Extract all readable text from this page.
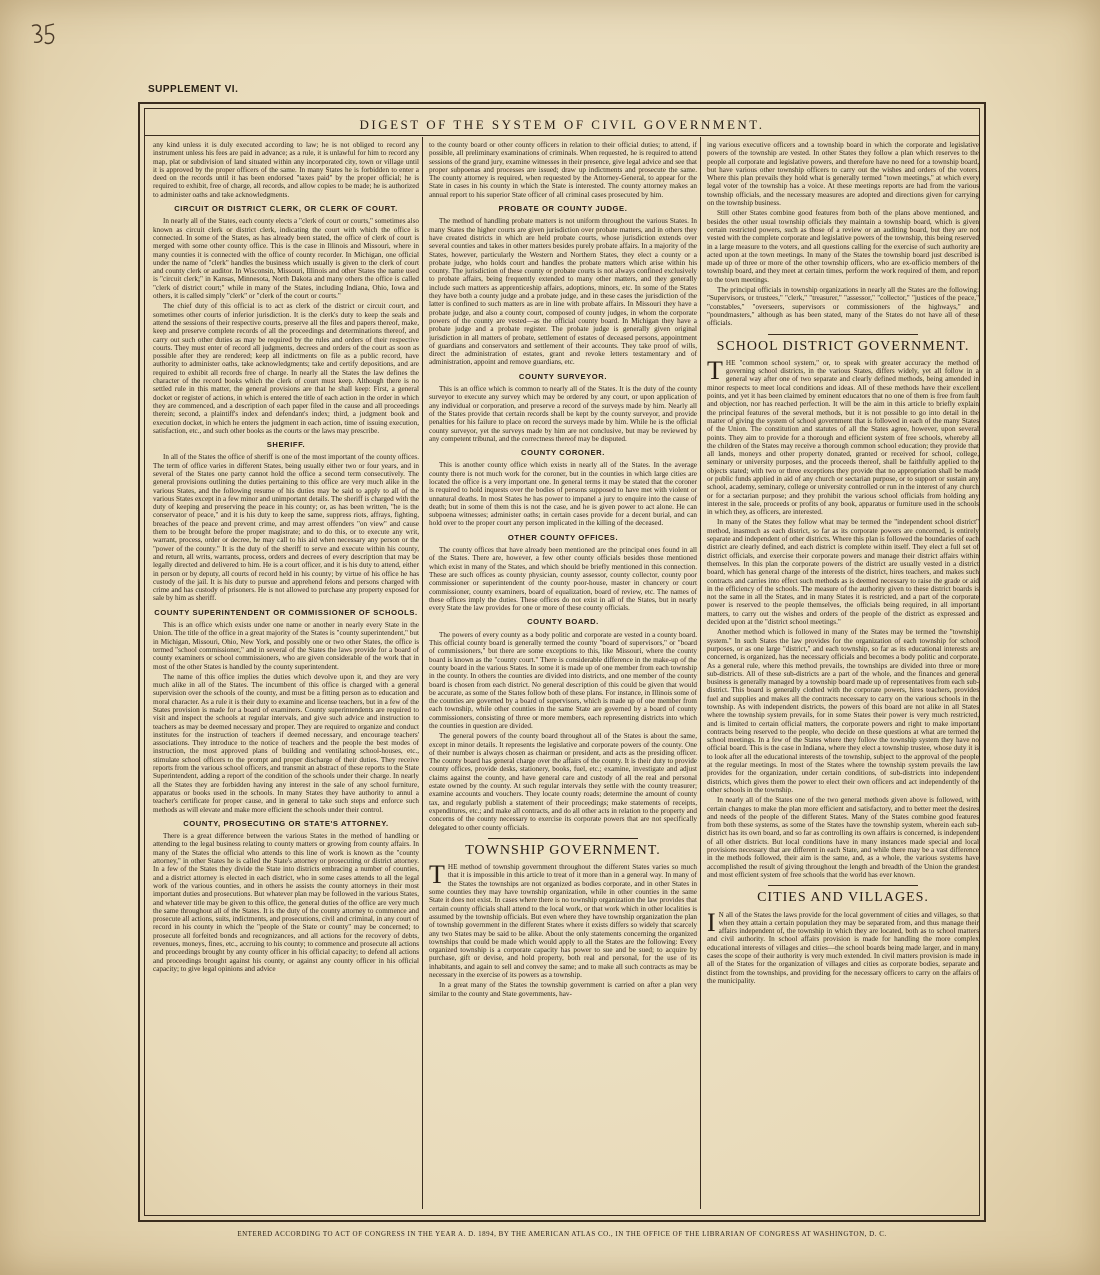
SUPPLEMENT VI.
DIGEST OF THE SYSTEM OF CIVIL GOVERNMENT.

any kind unless it is duly executed according to law; he is not obliged to record any instrument unless his fees are paid in advance; as a rule, it is unlawful for him to record any map, plat or subdivision of land situated within any incorporated city, town or village until it is approved by the proper officers of the same. In many States he is forbidden to enter a deed on the records until it has been endorsed "taxes paid" by the proper official; he is required to exhibit, free of charge, all records, and allow copies to be made; he is authorized to administer oaths and take acknowledgments.

CIRCUIT OR DISTRICT CLERK, OR CLERK OF COURT.

In nearly all of the States, each county elects a "clerk of court or courts," sometimes also known as circuit clerk or district clerk, indicating the court with which the office is connected. In some of the States, as has already been stated, the office of clerk of court is merged with some other county office. This is the case in Illinois and Missouri, where in many counties it is connected with the office of county recorder. In Michigan, one official under the name of "clerk" handles the business which usually is given to the clerk of court and county clerk or auditor. In Wisconsin, Missouri, Illinois and other States the name used is "circuit clerk;" in Kansas, Minnesota, North Dakota and many others the office is called "clerk of district court;" while in many of the States, including Indiana, Ohio, Iowa and others, it is called simply "clerk" or "clerk of the court or courts."

The chief duty of this official is to act as clerk of the district or circuit court, and sometimes other courts of inferior jurisdiction. It is the clerk's duty to keep the seals and attend the sessions of their respective courts, preserve all the files and papers thereof, make, keep and preserve complete records of all the proceedings and determinations thereof, and carry out such other duties as may be required by the rules and orders of their respective courts. They must enter of record all judgments, decrees and orders of the court as soon as possible after they are rendered; keep all indictments on file as a public record, have authority to administer oaths, take acknowledgments; take and certify depositions, and are required to exhibit all records free of charge. In nearly all the States the law defines the character of the record books which the clerk of court must keep. Although there is no settled rule in this matter, the general provisions are that he shall keep: First, a general docket or register of actions, in which is entered the title of each action in the order in which they are commenced, and a description of each paper filed in the cause and all proceedings therein; second, a plaintiff's index and defendant's index; third, a judgment book and execution docket, in which he enters the judgment in each action, time of issuing execution, satisfaction, etc., and such other books as the courts or the laws may prescribe.

SHERIFF.

In all of the States the office of sheriff is one of the most important of the county offices. The term of office varies in different States, being usually either two or four years, and in several of the States one party cannot hold the office a second term consecutively. The general provisions outlining the duties pertaining to this office are very much alike in the various States, and the following resume of his duties may be said to apply to all of the various States except in a few minor and unimportant details. The sheriff is charged with the duty of keeping and preserving the peace in his county; or, as has been written, "he is the conservator of peace," and it is his duty to keep the same, suppress riots, affrays, fighting, breaches of the peace and prevent crime, and may arrest offenders "on view" and cause them to be brought before the proper magistrate; and to do this, or to execute any writ, warrant, process, order or decree, he may call to his aid when necessary any person or the "power of the county." It is the duty of the sheriff to serve and execute within his county, and return, all writs, warrants, process, orders and decrees of every description that may be legally directed and delivered to him. He is a court officer, and it is his duty to attend, either in person or by deputy, all courts of record held in his county; by virtue of his office he has custody of the jail. It is his duty to pursue and apprehend felons and persons charged with crime and has custody of prisoners. He is not allowed to purchase any property exposed for sale by him as sheriff.

COUNTY SUPERINTENDENT OR COMMISSIONER OF SCHOOLS.

This is an office which exists under one name or another in nearly every State in the Union. The title of the office in a great majority of the States is "county superintendent," but in Michigan, Missouri, Ohio, New York, and possibly one or two other States, the office is termed "school commissioner," and in several of the States the laws provide for a board of county examiners or school commissioners, who are given considerable of the work that in most of the other States is handled by the county superintendent.

The name of this office implies the duties which devolve upon it, and they are very much alike in all of the States. The incumbent of this office is charged with a general supervision over the schools of the county, and must be a fitting person as to education and moral character. As a rule it is their duty to examine and license teachers, but in a few of the States provision is made for a board of examiners. County superintendents are required to visit and inspect the schools at regular intervals, and give such advice and instruction to teachers as may be deemed necessary and proper. They are required to organize and conduct institutes for the instruction of teachers if deemed necessary, and encourage teachers' associations. They introduce to the notice of teachers and the people the best modes of instruction, the most approved plans of building and ventilating school-houses, etc., stimulate school officers to the prompt and proper discharge of their duties. They receive reports from the various school officers, and transmit an abstract of these reports to the State Superintendent, adding a report of the condition of the schools under their charge. In nearly all the States they are forbidden having any interest in the sale of any school furniture, apparatus or books used in the schools. In many States they have authority to annul a teacher's certificate for proper cause, and in general to take such steps and enforce such methods as will elevate and make more efficient the schools under their control.

COUNTY, PROSECUTING OR STATE'S ATTORNEY.

There is a great difference between the various States in the method of handling or attending to the legal business relating to county matters or growing from county affairs. In many of the States the official who attends to this line of work is known as the "county attorney," in other States he is called the State's attorney or prosecuting or district attorney. In a few of the States they divide the State into districts embracing a number of counties, and a district attorney is elected in each district, who in some cases attends to all the legal work of the various counties, and in others he assists the county attorneys in their most important duties and prosecutions. But whatever plan may be followed in the various States, and whatever title may be given to this office, the general duties of the office are very much the same throughout all of the States. It is the duty of the county attorney to commence and prosecute all actions, suits, indictments, and prosecutions, civil and criminal, in any court of record in his county in which the "people of the State or county" may be concerned; to prosecute all forfeited bonds and recognizances, and all actions for the recovery of debts, revenues, moneys, fines, etc., accruing to his county; to commence and prosecute all actions and proceedings brought by any county officer in his official capacity; to defend all actions and proceedings brought against his county, or against any county officer in his official capacity; to give legal opinions and advice

to the county board or other county officers in relation to their official duties; to attend, if possible, all preliminary examinations of criminals. When requested, he is required to attend sessions of the grand jury, examine witnesses in their presence, give legal advice and see that proper subpoenas and processes are issued; draw up indictments and prosecute the same. The county attorney is required, when requested by the Attorney-General, to appear for the State in cases in his county in which the State is interested. The county attorney makes an annual report to his superior State officer of all criminal cases prosecuted by him.

PROBATE OR COUNTY JUDGE.

The method of handling probate matters is not uniform throughout the various States. In many States the higher courts are given jurisdiction over probate matters, and in others they have created districts in which are held probate courts, whose jurisdiction extends over several counties and takes in other matters besides purely probate affairs. In a majority of the States, however, particularly the Western and Northern States, they elect a county or a probate judge, who holds court and handles the probate matters which arise within his county. The jurisdiction of these county or probate courts is not always confined exclusively to probate affairs, being frequently extended to many other matters, and they generally include such matters as apprenticeship affairs, adoptions, minors, etc. In some of the States they have both a county judge and a probate judge, and in these cases the jurisdiction of the latter is confined to such matters as are in line with probate affairs. In Missouri they have a probate judge, and also a county court, composed of county judges, in whom the corporate powers of the county are vested—as the official county board. In Michigan they have a probate judge and a probate register. The probate judge is generally given original jurisdiction in all matters of probate, settlement of estates of deceased persons, appointment of guardians and conservators and settlement of their accounts. They take proof of wills, direct the administration of estates, grant and revoke letters testamentary and of administration, appoint and remove guardians, etc.

COUNTY SURVEYOR.

This is an office which is common to nearly all of the States. It is the duty of the county surveyor to execute any survey which may be ordered by any court, or upon application of any individual or corporation, and preserve a record of the surveys made by him. Nearly all of the States provide that certain records shall be kept by the county surveyor, and provide penalties for his failure to place on record the surveys made by him. While he is the official county surveyor, yet the surveys made by him are not conclusive, but may be reviewed by any competent tribunal, and the correctness thereof may be disputed.

COUNTY CORONER.

This is another county office which exists in nearly all of the States. In the average county there is not much work for the coroner, but in the counties in which large cities are located the office is a very important one. In general terms it may be stated that the coroner is required to hold inquests over the bodies of persons supposed to have met with violent or unnatural deaths. In most States he has power to impanel a jury to enquire into the cause of death; but in some of them this is not the case, and he is given power to act alone. He can subpoena witnesses; administer oaths; in certain cases provide for a decent burial, and can hold over to the proper court any person implicated in the killing of the deceased.

OTHER COUNTY OFFICES.

The county offices that have already been mentioned are the principal ones found in all of the States. There are, however, a few other county officials besides those mentioned which exist in many of the States, and which should be briefly mentioned in this connection. These are such offices as county physician, county assessor, county collector, county poor commissioner or superintendent of the county poor-house, master in chancery or court commissioner, county examiners, board of equalization, board of review, etc. The names of these offices imply the duties. These offices do not exist in all of the States, but in nearly every State the law provides for one or more of these county officials.

COUNTY BOARD.

The powers of every county as a body politic and corporate are vested in a county board. This official county board is generally termed the county "board of supervisors," or "board of commissioners," but there are some exceptions to this, like Missouri, where the county board is known as the "county court." There is considerable difference in the make-up of the county board in the various States. In some it is made up of one member from each township in the county. In others the counties are divided into districts, and one member of the county board is chosen from each district. No general description of this could be given that would be accurate, as some of the States follow both of these plans. For instance, in Illinois some of the counties are governed by a board of supervisors, which is made up of one member from each township, while other counties in the same State are governed by a board of county commissioners, consisting of three or more members, each representing districts into which the counties in question are divided.

The general powers of the county board throughout all of the States is about the same, except in minor details. It represents the legislative and corporate powers of the county. One of their number is always chosen as chairman or president, and acts as the presiding officer. The county board has general charge over the affairs of the county. It is their duty to provide county offices, provide desks, stationery, books, fuel, etc.; examine, investigate and adjust claims against the county, and have general care and custody of all the real and personal estate owned by the county. At such regular intervals they settle with the county treasurer; examine accounts and vouchers. They locate county roads; determine the amount of county tax, and regularly publish a statement of their proceedings; make statements of receipts, expenditures, etc.; and make all contracts, and do all other acts in relation to the property and concerns of the county necessary to exercise its corporate powers that are not specifically delegated to other county officials.

TOWNSHIP GOVERNMENT.

THE method of township government throughout the different States varies so much that it is impossible in this article to treat of it more than in a general way. In many of the States the townships are not organized as bodies corporate, and in other States in some counties they may have township organization, while in other counties in the same State it does not exist. In cases where there is no township organization the law provides that certain county officials shall attend to the local work, or that work which in other localities is assumed by the township officials. But even where they have township organization the plan of township government in the different States where it exists differs so widely that scarcely any two States may be said to be alike. About the only statements concerning the organized townships that could be made which would apply to all the States are the following: Every organized township is a corporate capacity has power to sue and be sued; to acquire by purchase, gift or devise, and hold property, both real and personal, for the use of its inhabitants, and again to sell and convey the same; and to make all such contracts as may be necessary in the exercise of its powers as a township.

In a great many of the States the township government is carried on after a plan very similar to the county and State governments, hav-

ing various executive officers and a township board in which the corporate and legislative powers of the township are vested. In other States they follow a plan which reserves to the people all corporate and legislative powers, and therefore have no need for a township board, but have various other township officers to carry out the wishes and orders of the voters. Where this plan prevails they hold what is generally termed "town meetings," at which every legal voter of the township has a voice. At these meetings reports are had from the various township officials, and the necessary measures are adopted and directions given for carrying on the township business.

Still other States combine good features from both of the plans above mentioned, and besides the other usual township officials they maintain a township board, which is given certain restricted powers, such as those of a review or an auditing board, but they are not vested with the complete corporate and legislative powers of the township, this being reserved in a large measure to the voters, and all questions calling for the exercise of such authority are acted upon at the town meetings. In many of the States the township board just described is made up of three or more of the other township officers, who are ex-officio members of the township board, and they meet at certain times, perform the work required of them, and report to the town meetings.

The principal officials in township organizations in nearly all the States are the following: "Supervisors, or trustees," "clerk," "treasurer," "assessor," "collector," "justices of the peace," "constables," "overseers, supervisors or commissioners of the highways," and "poundmasters," although as has been stated, many of the States do not have all of these officials.

SCHOOL DISTRICT GOVERNMENT.

THE "common school system," or, to speak with greater accuracy the method of governing school districts, in the various States, differs widely, yet all follow in a general way after one of two separate and clearly defined methods, being amended in minor respects to meet local conditions and ideas. All of these methods have their excellent points, and yet it has been claimed by eminent educators that no one of them is free from fault and objection, nor has reached perfection. It will be the aim in this article to briefly explain the principal features of the several methods, but it is not possible to go into detail in the matter of giving the system of school government that is followed in each of the many States of the Union. The constitution and statutes of all the States agree, however, upon several points. They aim to provide for a thorough and efficient system of free schools, whereby all the children of the States may receive a thorough common school education; they provide that all lands, moneys and other property donated, granted or received for school, college, seminary or university purposes, and the proceeds thereof, shall be faithfully applied to the objects stated; with two or three exceptions they provide that no appropriation shall be made or public funds applied in aid of any church or sectarian purpose, or to support or sustain any school, academy, seminary, college or university controlled or run in the interest of any church or for a sectarian purpose; and they prohibit the various school officials from holding any interest in the sale, proceeds or profits of any book, apparatus or furniture used in the schools in which they, as officers, are interested.

In many of the States they follow what may be termed the "independent school district" method, inasmuch as each district, so far as its corporate powers are concerned, is entirely separate and independent of other districts. Where this plan is followed the boundaries of each district are clearly defined, and each district is complete within itself. They elect a full set of district officials, and exercise their corporate powers and manage their district affairs within themselves. In this plan the corporate powers of the district are usually vested in a district board, which has general charge of the interests of the district, hires teachers, and makes such contracts and carries into effect such methods as is deemed necessary to raise the grade or aid in the efficiency of the schools. The measure of the authority given to these district boards is not the same in all the States, and in many States it is restricted, and a part of the corporate power is reserved to the people themselves, the officials being required, in all important matters, to carry out the wishes and orders of the people of the district as expressed and decided upon at the "district school meetings."

Another method which is followed in many of the States may be termed the "township system." In such States the law provides for the organization of each township for school purposes, or as one large "district," and each township, so far as its educational interests are concerned, is organized, has the necessary officials and becomes a body politic and corporate. As a general rule, where this method prevails, the townships are divided into three or more sub-districts. All of these sub-districts are a part of the whole, and the finances and general business is generally managed by a township board made up of representatives from each sub-district. This board is generally clothed with the corporate powers, hires teachers, provides fuel and supplies and makes all the contracts necessary to carry on the various schools in the township. As with independent districts, the powers of this board are not alike in all States where the township system prevails, for in some States their power is very much restricted, and is limited to certain official matters, the corporate powers and right to make important contracts being reserved to the people, who decide on these questions at what are termed the school meetings. In a few of the States where they follow the township system they have no official board. This is the case in Indiana, where they elect a township trustee, whose duty it is to look after all the educational interests of the township, subject to the approval of the people at the regular meetings. In most of the States where the township system prevails the law provides for the organization, under certain conditions, of sub-districts into independent districts, which gives them the power to elect their own officers and act independently of the other schools in the township.

In nearly all of the States one of the two general methods given above is followed, with certain changes to make the plan more efficient and satisfactory, and to better meet the desires and needs of the people of the different States. Many of the States combine good features from both these systems, as some of the States have the township system, wherein each sub-district has its own board, and so far as controlling its own affairs is concerned, is independent of all other districts. But local conditions have in many instances made special and local provisions necessary that are different in each State, and while there may be a vast difference in the methods followed, their aim is the same, and, as a whole, the various systems have accomplished the result of giving throughout the length and breadth of the Union the grandest and most efficient system of free schools that the world has ever known.

CITIES AND VILLAGES.

I N all of the States the laws provide for the local government of cities and villages, so that when they attain a certain population they may be separated from, and thus manage their affairs independent of, the township in which they are located, both as to school matters and civil authority. In school affairs provision is made for handling the more complex educational interests of villages and cities—the school boards being made larger, and in many cases the scope of their authority is very much extended. In civil matters provision is made in all of the States for the organization of villages and cities as corporate bodies, separate and distinct from the townships, and providing for the necessary officers to carry on the affairs of the municipality.

ENTERED ACCORDING TO ACT OF CONGRESS IN THE YEAR A. D. 1894, BY THE AMERICAN ATLAS CO., IN THE OFFICE OF THE LIBRARIAN OF CONGRESS AT WASHINGTON, D. C.
